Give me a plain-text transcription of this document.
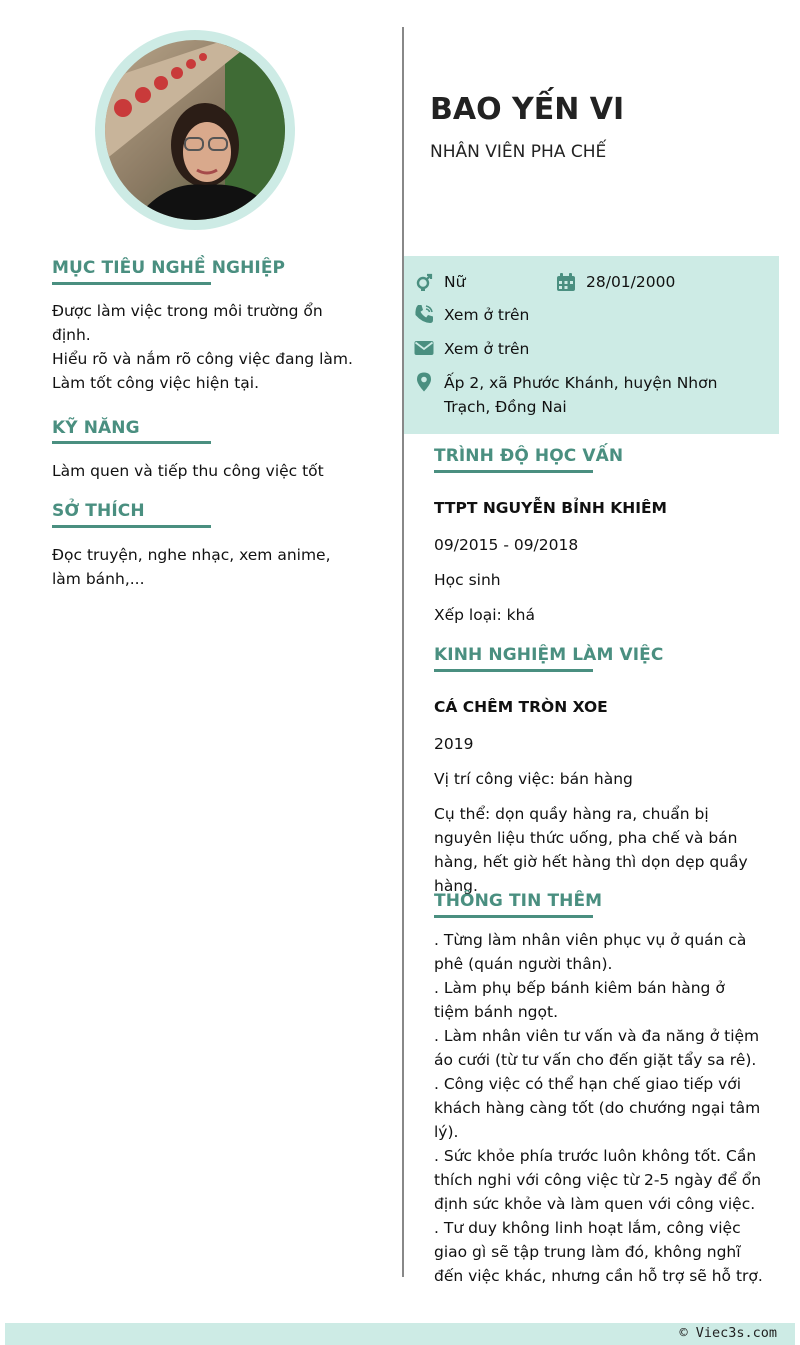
MỤC TIÊU NGHỀ NGHIỆP
Được làm việc trong môi trường ổn định.
Hiểu rõ và nắm rõ công việc đang làm.
Làm tốt công việc hiện tại.
KỸ NĂNG
Làm quen và tiếp thu công việc tốt
SỞ THÍCH
Đọc truyện, nghe nhạc, xem anime, làm bánh,...
BAO YẾN VI
NHÂN VIÊN PHA CHẾ
Nữ	28/01/2000
Xem ở trên
Xem ở trên
Ấp 2, xã Phước Khánh, huyện Nhơn Trạch, Đồng Nai
TRÌNH ĐỘ HỌC VẤN
TTPT NGUYỄN BỈNH KHIÊM
09/2015 - 09/2018
Học sinh
Xếp loại: khá
KINH NGHIỆM LÀM VIỆC
CÁ CHÊM TRÒN XOE
2019
Vị trí công việc: bán hàng
Cụ thể: dọn quầy hàng ra, chuẩn bị nguyên liệu thức uống, pha chế và bán hàng, hết giờ hết hàng thì dọn dẹp quầy hàng.
THÔNG TIN THÊM
. Từng làm nhân viên phục vụ ở quán cà phê (quán người thân).
. Làm phụ bếp bánh kiêm bán hàng ở tiệm bánh ngọt.
. Làm nhân viên tư vấn và đa năng ở tiệm áo cưới (từ tư vấn cho đến giặt tẩy sa rê).
. Công việc có thể hạn chế giao tiếp với khách hàng càng tốt (do chướng ngại tâm lý).
. Sức khỏe phía trước luôn không tốt. Cần thích nghi với công việc từ 2-5 ngày để ổn định sức khỏe và làm quen với công việc.
. Tư duy không linh hoạt lắm, công việc giao gì sẽ tập trung làm đó, không nghĩ đến việc khác, nhưng cần hỗ trợ sẽ hỗ trợ.
© Viec3s.com
